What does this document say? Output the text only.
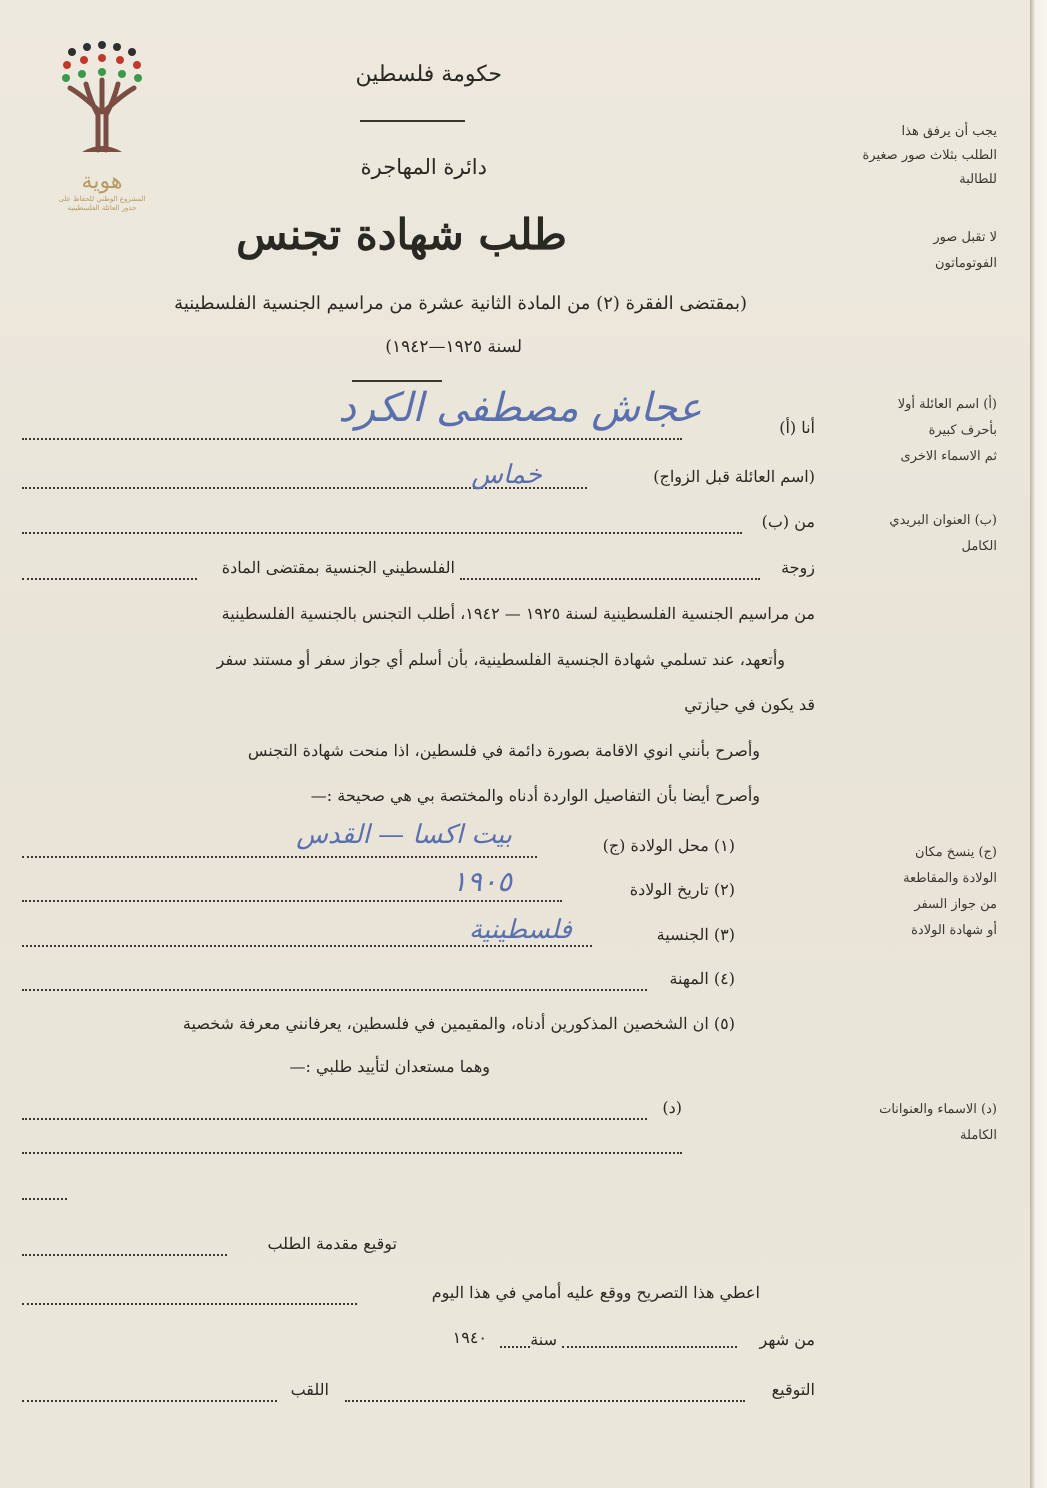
هوية
المشروع الوطني للحفاظ على
جذور العائلة الفلسطينية
حكومة فلسطين
دائرة المهاجرة
طلب شهادة تجنس
(بمقتضى الفقرة (٢) من المادة الثانية عشرة من مراسيم الجنسية الفلسطينية
لسنة ١٩٢٥—١٩٤٢)
يجب أن يرفق هذا
الطلب بثلاث صور صغيرة
للطالبة
لا تقبل صور
الفوتوماتون
(أ) اسم العائلة أولا
بأحرف كبيرة
ثم الاسماء الاخرى
(ب) العنوان البريدي
الكامل
(ج) ينسخ مكان
الولادة والمقاطعة
من جواز السفر
أو شهادة الولادة
(د) الاسماء والعنوانات
الكاملة
أنا (أ)
عجاش مصطفى الكرد
(اسم العائلة قبل الزواج)
خماس
من (ب)
زوجة
الفلسطيني الجنسية بمقتضى المادة
من مراسيم الجنسية الفلسطينية لسنة ١٩٢٥ — ١٩٤٢، أطلب التجنس بالجنسية الفلسطينية
وأتعهد، عند تسلمي شهادة الجنسية الفلسطينية، بأن أسلم أي جواز سفر أو مستند سفر
قد يكون في حيازتي
وأصرح بأنني انوي الاقامة بصورة دائمة في فلسطين، اذا منحت شهادة التجنس
وأصرح أيضا بأن التفاصيل الواردة أدناه والمختصة بي هي صحيحة :—
(١) محل الولادة (ج)
بيت اكسا — القدس
(٢) تاريخ الولادة
١٩٠٥
(٣) الجنسية
فلسطينية
(٤) المهنة
(٥) ان الشخصين المذكورين أدناه، والمقيمين في فلسطين، يعرفانني معرفة شخصية
وهما مستعدان لتأييد طلبي :—
(د)
توقيع مقدمة الطلب
اعطي هذا التصريح ووقع عليه أمامي في هذا اليوم
من شهر
سنة
١٩٤٠
التوقيع
اللقب
